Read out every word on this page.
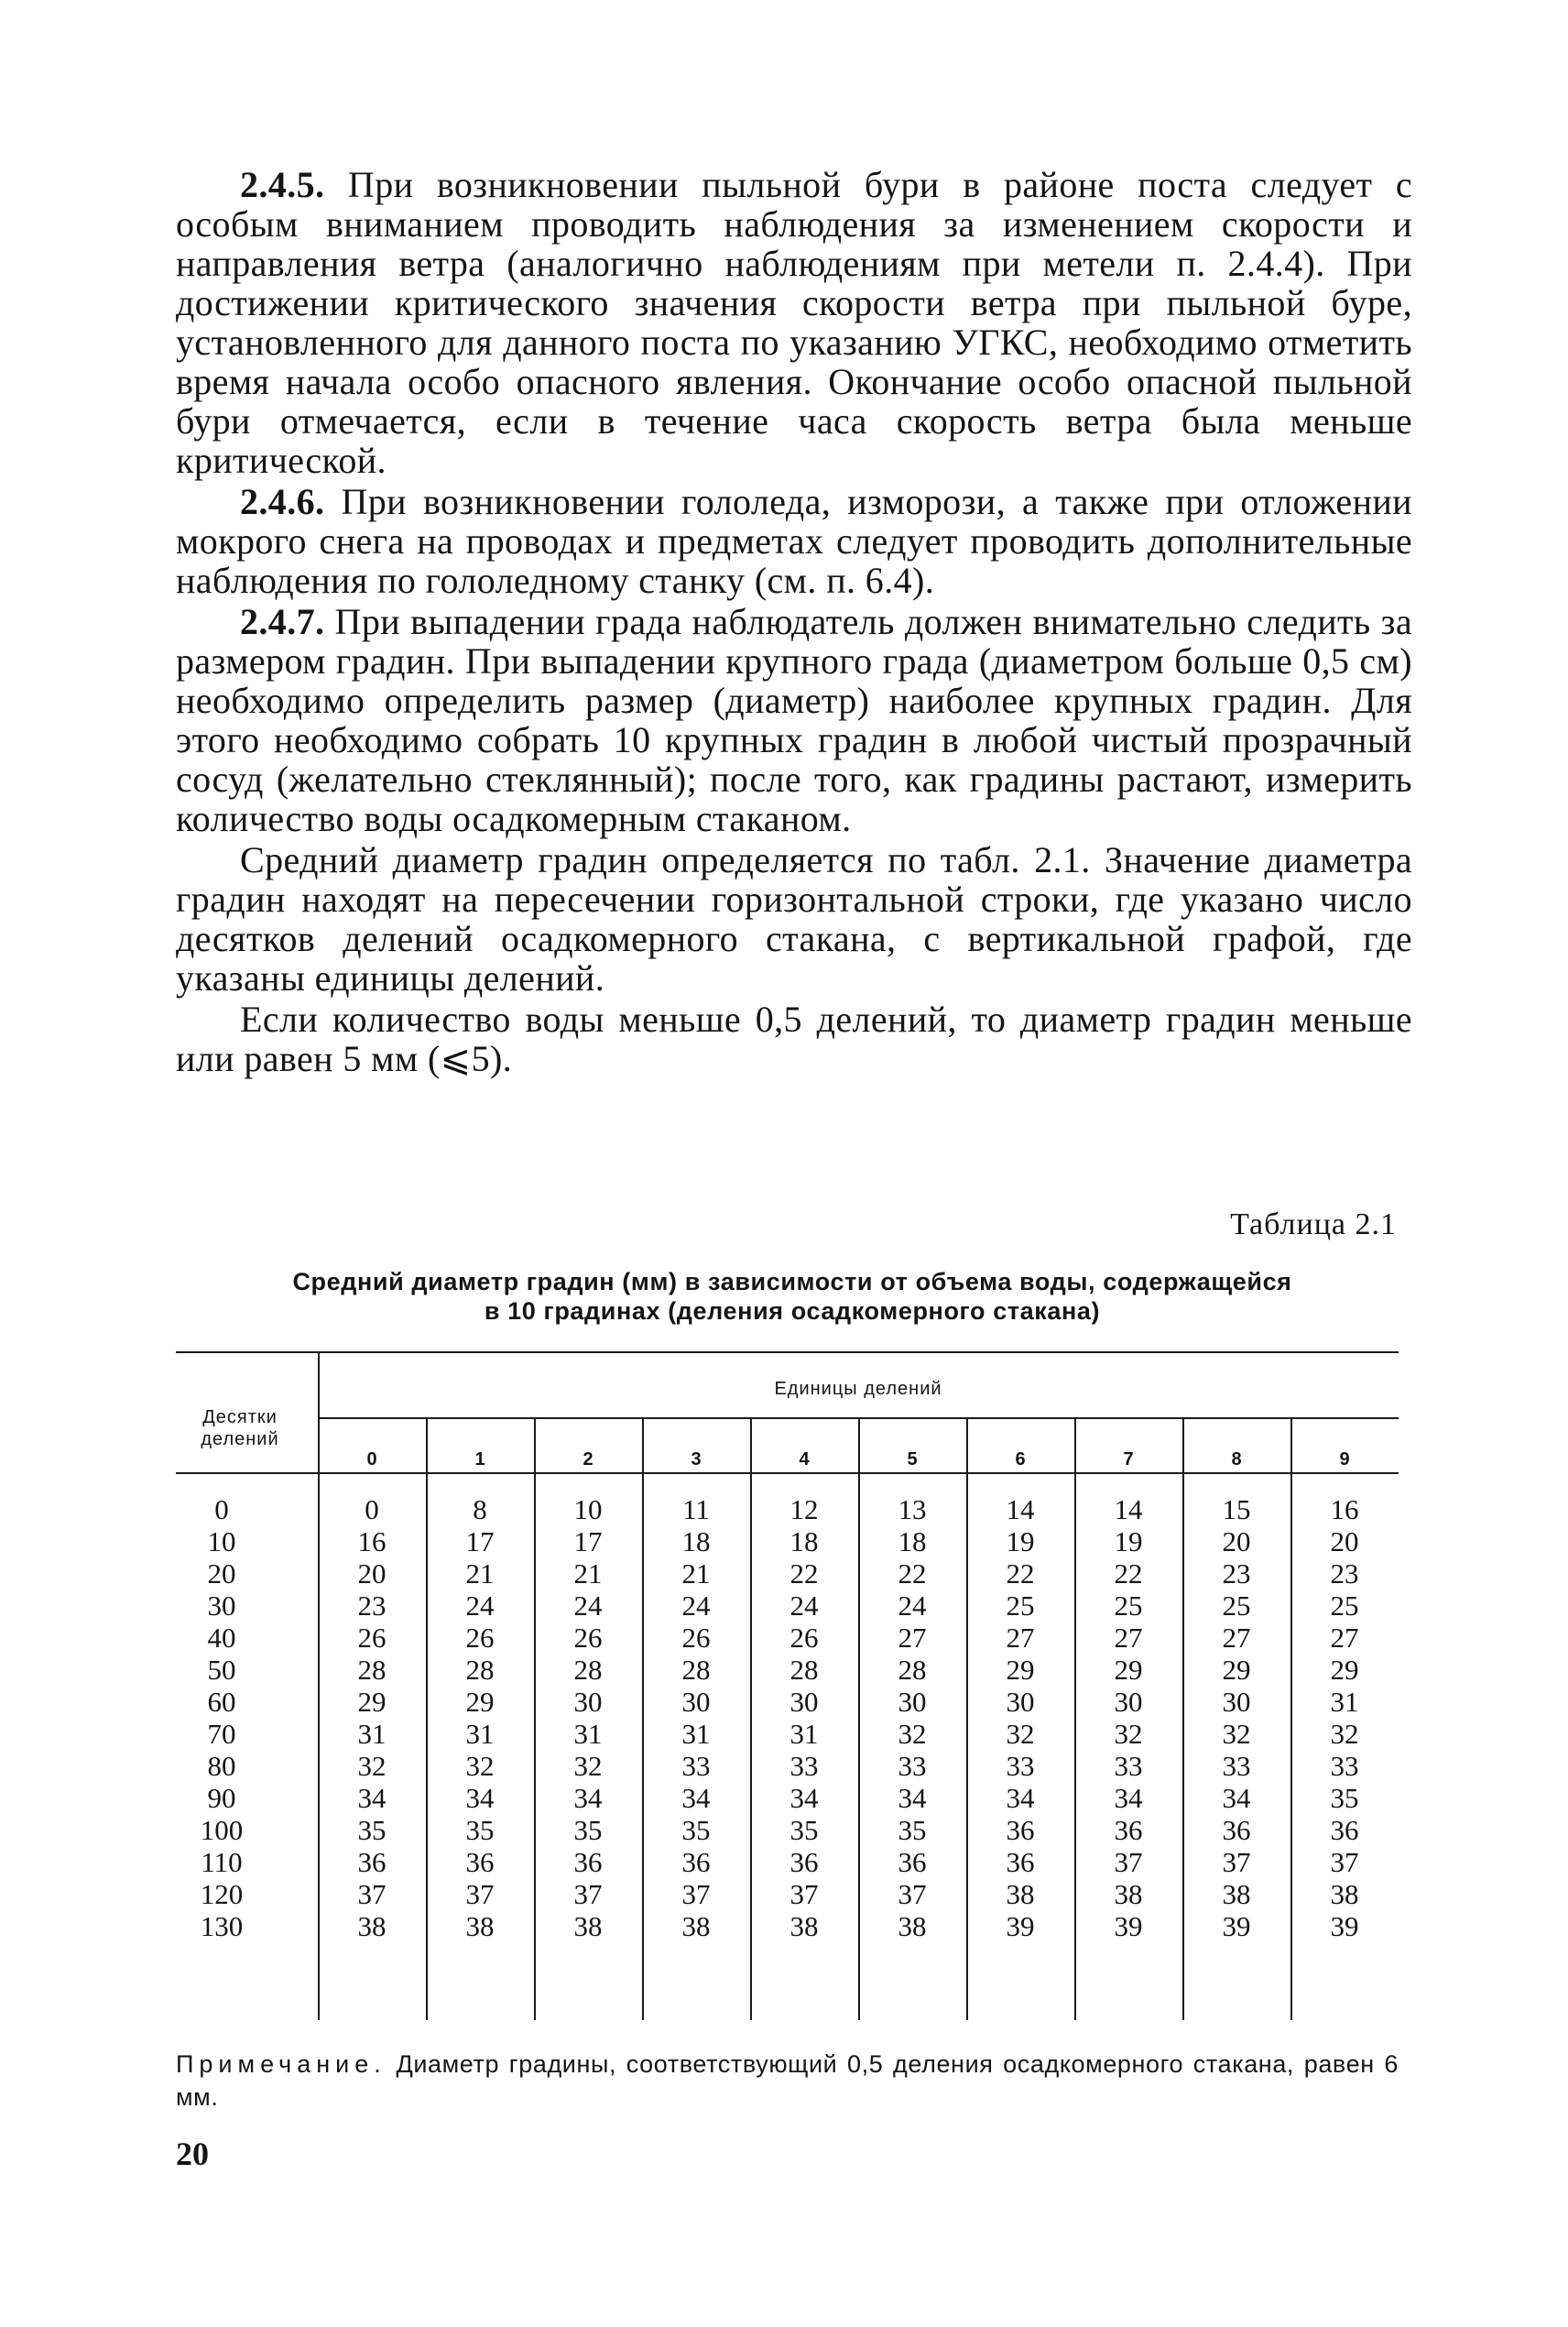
2.4.5. При возникновении пыльной бури в районе поста следует с особым вниманием проводить наблюдения за изменением скорости и направления ветра (аналогично наблюдениям при метели п. 2.4.4). При достижении критического значения скорости ветра при пыльной буре, установленного для данного поста по указанию УГКС, необходимо отметить время начала особо опасного явления. Окончание особо опасной пыльной бури отмечается, если в течение часа скорость ветра была меньше критической.

2.4.6. При возникновении гололеда, изморози, а также при отложении мокрого снега на проводах и предметах следует проводить дополнительные наблюдения по гололедному станку (см. п. 6.4).

2.4.7. При выпадении града наблюдатель должен внимательно следить за размером градин. При выпадении крупного града (диаметром больше 0,5 см) необходимо определить размер (диаметр) наиболее крупных градин. Для этого необходимо собрать 10 крупных градин в любой чистый прозрачный сосуд (желательно стеклянный); после того, как градины растают, измерить количество воды осадкомерным стаканом.

Средний диаметр градин определяется по табл. 2.1. Значение диаметра градин находят на пересечении горизонтальной строки, где указано число десятков делений осадкомерного стакана, с вертикальной графой, где указаны единицы делений.

Если количество воды меньше 0,5 делений, то диаметр градин меньше или равен 5 мм (⩽5).

Таблица 2.1
Средний диаметр градин (мм) в зависимости от объема воды, содержащейся
в 10 градинах (деления осадкомерного стакана)
Десятки делений
Единицы делений
0	1	2	3	4	5	6	7	8	9
0	0	8	10	11	12	13	14	14	15	16
10	16	17	17	18	18	18	19	19	20	20
20	20	21	21	21	22	22	22	22	23	23
30	23	24	24	24	24	24	25	25	25	25
40	26	26	26	26	26	27	27	27	27	27
50	28	28	28	28	28	28	29	29	29	29
60	29	29	30	30	30	30	30	30	30	31
70	31	31	31	31	31	32	32	32	32	32
80	32	32	32	33	33	33	33	33	33	33
90	34	34	34	34	34	34	34	34	34	35
100	35	35	35	35	35	35	36	36	36	36
110	36	36	36	36	36	36	36	37	37	37
120	37	37	37	37	37	37	38	38	38	38
130	38	38	38	38	38	38	39	39	39	39
Примечание. Диаметр градины, соответствующий 0,5 деления осадкомерного стакана, равен 6 мм.
20
